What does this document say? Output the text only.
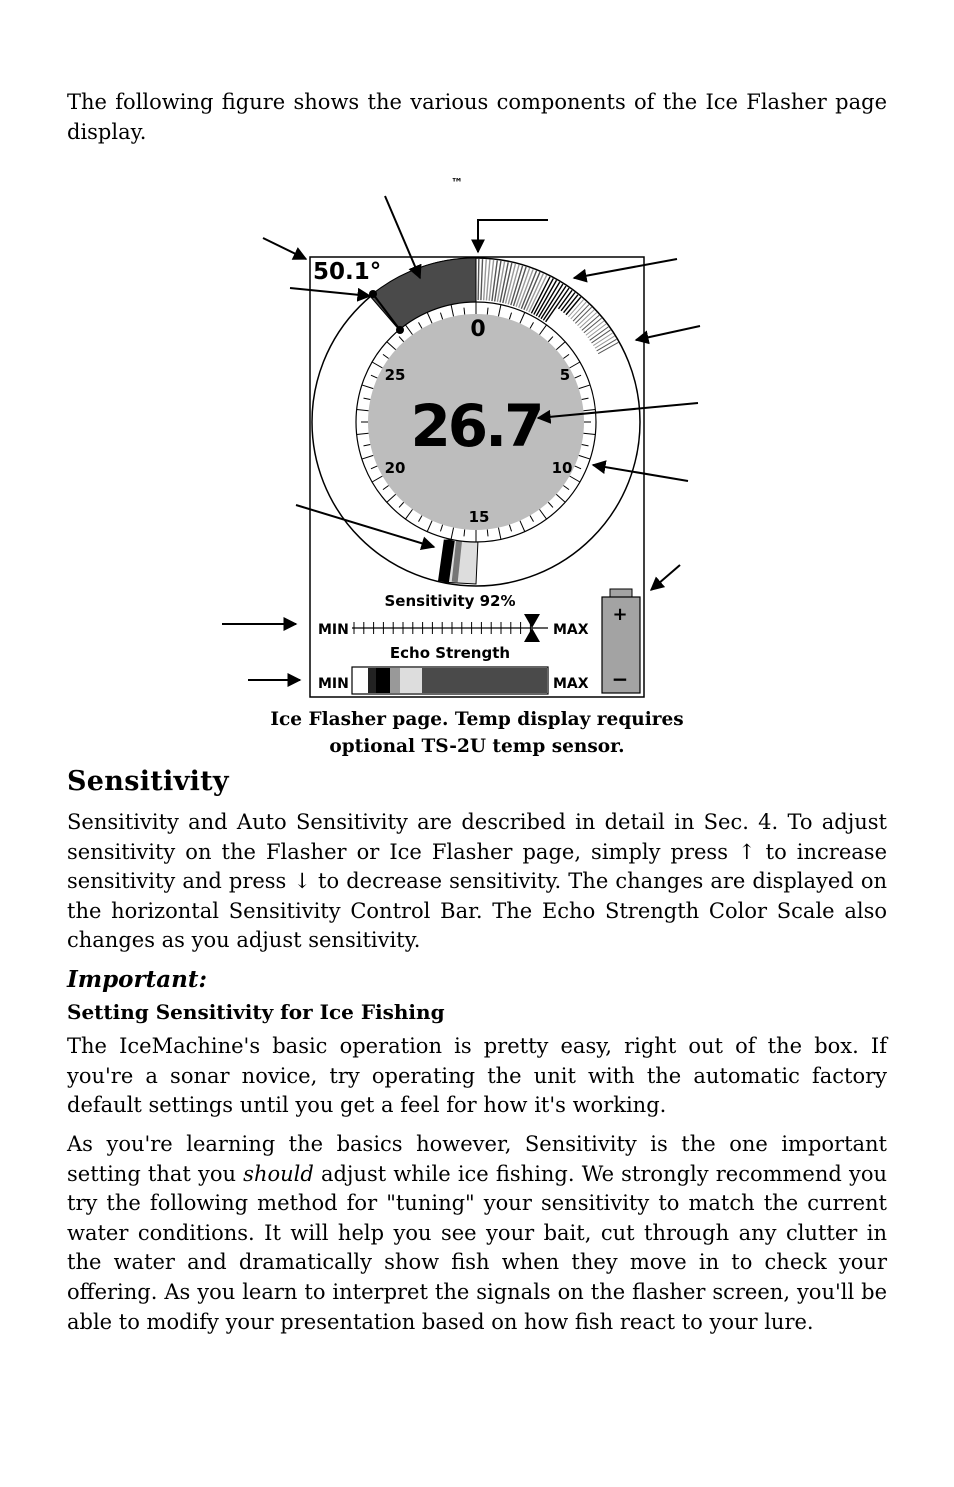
The following figure shows the various components of the Ice Flasher page display.

™
0
5
10
15
20
25
26.7
50.1°
Sensitivity 92%
MIN	MAX
Echo Strength
MIN	MAX
+
−
Ice Flasher page. Temp display requires
optional TS-2U temp sensor.
Sensitivity

Sensitivity and Auto Sensitivity are described in detail in Sec. 4. To adjust sensitivity on the Flasher or Ice Flasher page, simply press ↑ to increase sensitivity and press ↓ to decrease sensitivity. The changes are displayed on the horizontal Sensitivity Control Bar. The Echo Strength Color Scale also changes as you adjust sensitivity.

Important:
Setting Sensitivity for Ice Fishing

The IceMachine's basic operation is pretty easy, right out of the box. If you're a sonar novice, try operating the unit with the automatic factory default settings until you get a feel for how it's working.

As you're learning the basics however, Sensitivity is the one important setting that you should adjust while ice fishing. We strongly recommend you try the following method for "tuning" your sensitivity to match the current water conditions. It will help you see your bait, cut through any clutter in the water and dramatically show fish when they move in to check your offering. As you learn to interpret the signals on the flasher screen, you'll be able to modify your presentation based on how fish react to your lure.
